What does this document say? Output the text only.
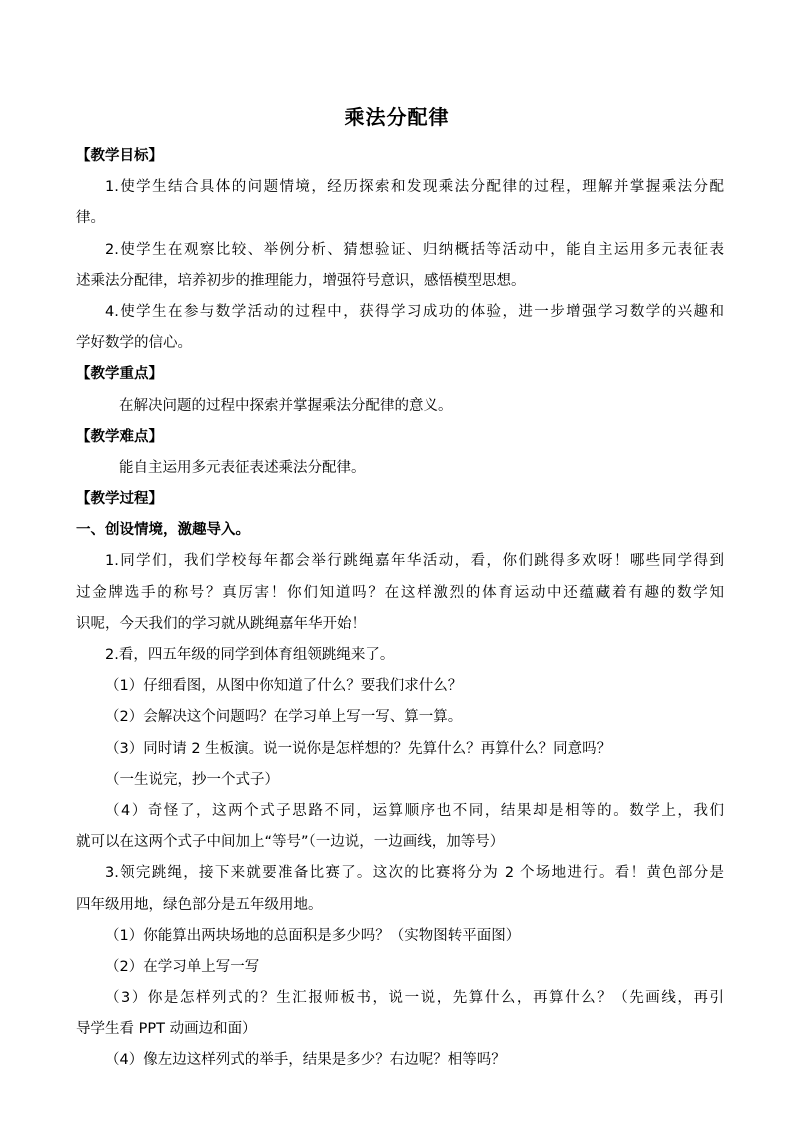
乘法分配律
【教学目标】
1.使学生结合具体的问题情境，经历探索和发现乘法分配律的过程，理解并掌握乘法分配
律。
2.使学生在观察比较、举例分析、猜想验证、归纳概括等活动中，能自主运用多元表征表
述乘法分配律，培养初步的推理能力，增强符号意识，感悟模型思想。
4.使学生在参与数学活动的过程中，获得学习成功的体验，进一步增强学习数学的兴趣和
学好数学的信心。
【教学重点】
在解决问题的过程中探索并掌握乘法分配律的意义。
【教学难点】
能自主运用多元表征表述乘法分配律。
【教学过程】
一、创设情境，激趣导入。
1.同学们，我们学校每年都会举行跳绳嘉年华活动，看，你们跳得多欢呀！哪些同学得到
过金牌选手的称号？真厉害！你们知道吗？在这样激烈的体育运动中还蕴藏着有趣的数学知
识呢，今天我们的学习就从跳绳嘉年华开始！
2.看，四五年级的同学到体育组领跳绳来了。
（1）仔细看图，从图中你知道了什么？要我们求什么？
（2）会解决这个问题吗？在学习单上写一写、算一算。
（3）同时请 2 生板演。说一说你是怎样想的？先算什么？再算什么？同意吗？
（一生说完，抄一个式子）
（4）奇怪了，这两个式子思路不同，运算顺序也不同，结果却是相等的。数学上，我们
就可以在这两个式子中间加上“等号”（一边说，一边画线，加等号）
3.领完跳绳，接下来就要准备比赛了。这次的比赛将分为 2 个场地进行。看！黄色部分是
四年级用地，绿色部分是五年级用地。
（1）你能算出两块场地的总面积是多少吗？（实物图转平面图）
（2）在学习单上写一写
（3）你是怎样列式的？生汇报师板书，说一说，先算什么，再算什么？（先画线，再引
导学生看 PPT 动画边和面）
（4）像左边这样列式的举手，结果是多少？右边呢？相等吗？
